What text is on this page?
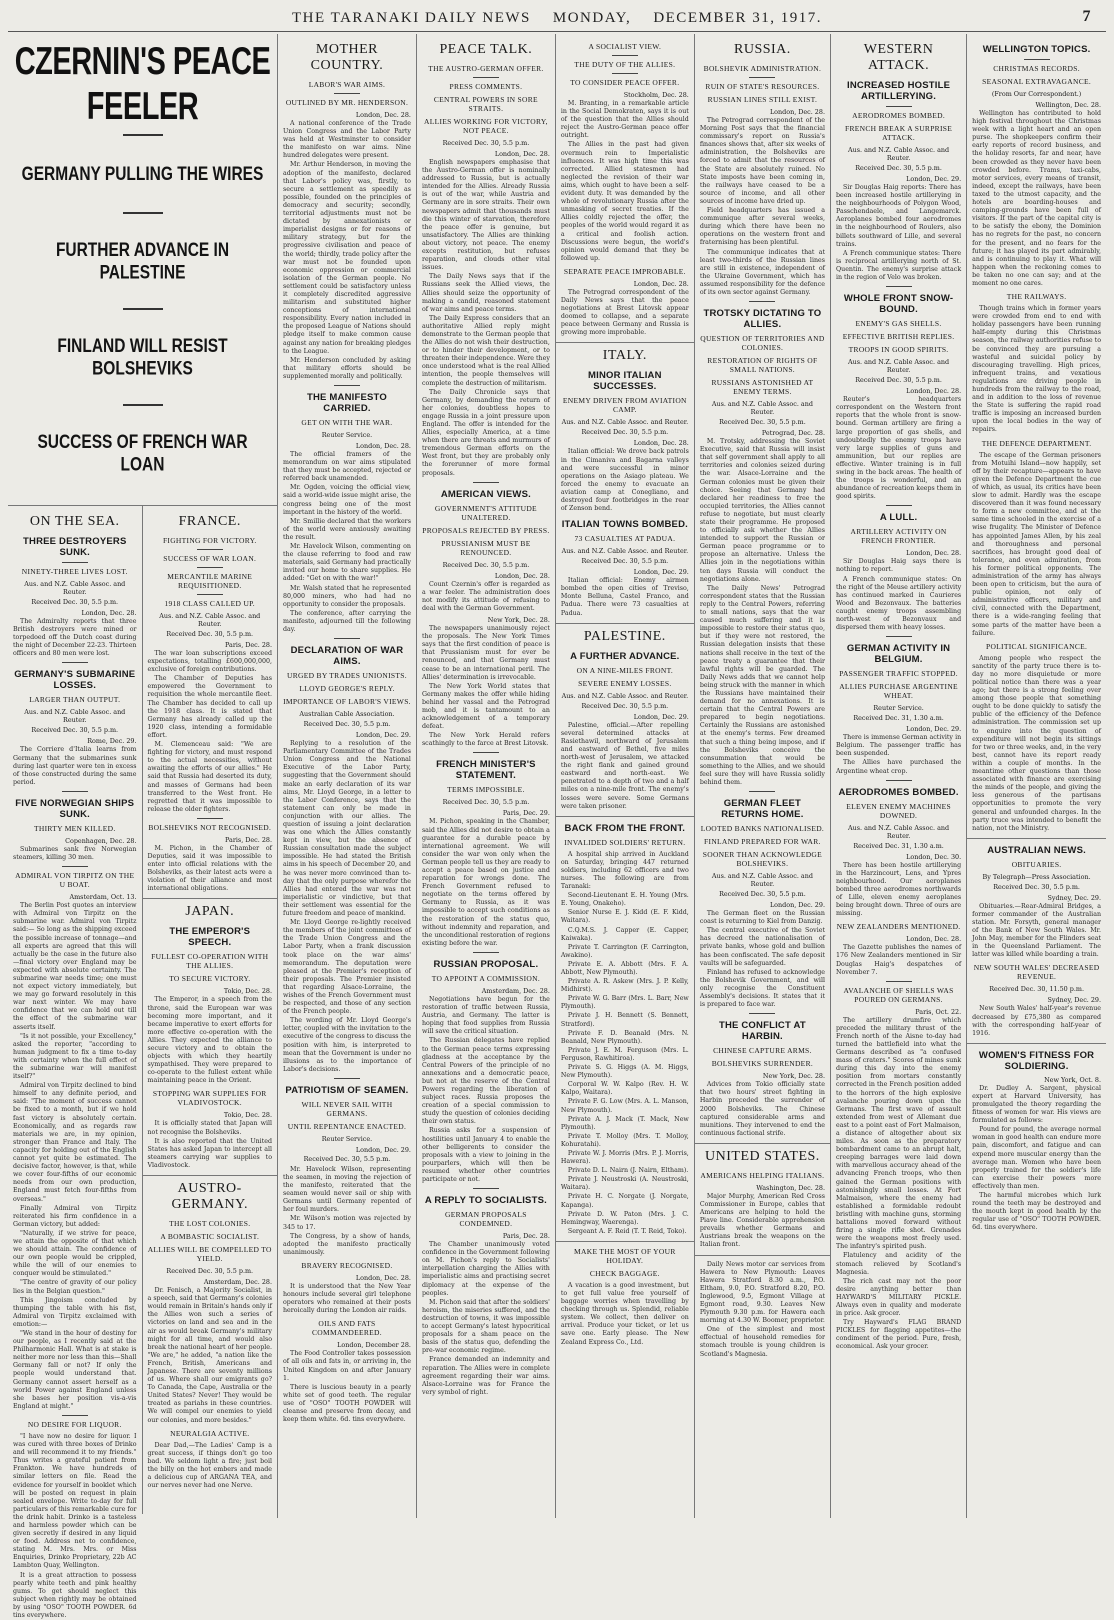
THE TARANAKI DAILY NEWS MONDAY, DECEMBER 31, 1917.	7
CZERNIN'S PEACE FEELER
GERMANY PULLING THE WIRES
FURTHER ADVANCE IN PALESTINE
FINLAND WILL RESIST BOLSHEVIKS
SUCCESS OF FRENCH WAR LOAN
ON THE SEA.
THREE DESTROYERS SUNK.
NINETY-THREE LIVES LOST.
Aus. and N.Z. Cable Assoc. and Reuter.
Received Dec. 30, 5.5 p.m.
London, Dec. 28.

The Admiralty reports that three British destroyers were mined or torpedoed off the Dutch coast during the night of December 22-23. Thirteen officers and 80 men were lost.

GERMANY'S SUBMARINE LOSSES.
LARGER THAN OUTPUT.
Aus. and N.Z. Cable Assoc. and Reuter.
Received Dec. 30, 5.5 p.m.
Rome, Dec. 29.

The Corriere d'Italia learns from Germany that the submarines sunk during last quarter were ten in excess of those constructed during the same period.

FIVE NORWEGIAN SHIPS SUNK.
THIRTY MEN KILLED.
Copenhagen, Dec. 28.

Submarines sank five Norwegian steamers, killing 30 men.

ADMIRAL VON TIRPITZ ON THE U BOAT.
Amsterdam, Oct. 13.

The Berlin Post quotes an interview with Admiral von Tirpitz on the submarine war. Admiral von Tirpitz said:— So long as the shipping exceed the possible increase of tonnage—and all experts are agreed that this will actually be the case in the future also—final victory over England may be expected with absolute certainty. The submarine war needs time; one must not expect victory immediately, but we may go forward resolutely in this war next winter. We may have confidence that we can hold out till the effect of the submarine war asserts itself.

"Is it not possible, your Excellency," asked the reporter, "according to human judgment to fix a time to-day with certainty when the full effect of the submarine war will manifest itself?"

Admiral von Tirpitz declined to bind himself to any definite period, and said: "The moment of success cannot be fixed to a month, but if we hold fast victory is absolutely certain. Economically, and as regards raw materials we are, in my opinion, stronger than France and Italy. The capacity for holding out of the English cannot yet quite be estimated. The decisive factor, however, is that, while we cover four-fifths of our economic needs from our own production, England must fetch four-fifths from overseas."

Finally Admiral von Tirpitz reiterated his firm confidence in a German victory, but added:

"Naturally, if we strive for peace, we attain the opposite of that which we should attain. The confidence of our own people would be crippled, while the will of our enemies to conquer would be stimulated."

"The centre of gravity of our policy lies in the Belgian question."

This Jingoism concluded by thumping the table with his fist, Admiral von Tirpitz exclaimed with emotion:—

"We stand in the hour of destiny for our people, as I recently said at the Philharmonic Hall. What is at stake is neither more nor less than this—Shall Germany fall or not? If only the people would understand that. Germany cannot assert herself as a world Power against England unless she bases her position vis-a-vis England at might."

NO DESIRE FOR LIQUOR.

"I have now no desire for liquor. I was cured with three boxes of Drinko and will recommend it to my friends." Thus writes a grateful patient from Frankton. We have hundreds of similar letters on file. Read the evidence for yourself in booklet which will be posted on request in plain sealed envelope. Write to-day for full particulars of this remarkable cure for the drink habit. Drinko is a tasteless and harmless powder which can be given secretly if desired in any liquid or food. Address net to confidence, stating M. Mrs. Mrs. or Miss Enquiries, Drinko Proprietary, 22b AC Lambton Quay, Wellington.

It is a great attraction to possess pearly white teeth and pink healthy gums. To get should neglect this subject when rightly may be obtained by using "OSO" TOOTH POWDER. 6d tins everywhere.

FRANCE.
FIGHTING FOR VICTORY.
SUCCESS OF WAR LOAN.
MERCANTILE MARINE REQUISITIONED.
1918 CLASS CALLED UP.
Aus. and N.Z. Cable Assoc. and Reuter.
Received Dec. 30, 5.5 p.m.
Paris, Dec. 28.

The war loan subscriptions exceed expectations, totalling £600,000,000, exclusive of foreign contributions.

The Chamber of Deputies has empowered the Government to requisition the whole mercantile fleet. The Chamber has decided to call up the 1918 class. It is stated that Germany has already called up the 1920 class, intending a formidable effort.

M. Clemenceau said: "We are fighting for victory, and must respond to the actual necessities, without awaiting the efforts of our allies." He said that Russia had deserted its duty, and masses of Germans had been transferred to the West front. He regretted that it was impossible to release the older fighters.

BOLSHEVIKS NOT RECOGNISED.
Paris, Dec. 28.

M. Pichon, in the Chamber of Deputies, said it was impossible to enter into official relations with the Bolsheviks, as their latest acts were a violation of their alliance and most international obligations.

JAPAN.
THE EMPEROR'S SPEECH.
FULLEST CO-OPERATION WITH THE ALLIES.
TO SECURE VICTORY.
Tokio, Dec. 28.

The Emperor, in a speech from the throne, said the European war was becoming more important, and it became imperative to exert efforts for more effective co-operation with the Allies. They expected the alliance to secure victory and to obtain the objects with which they heartily sympathised. They were prepared to co-operate to the fullest extent while maintaining peace in the Orient.

STOPPING WAR SUPPLIES FOR VLADIVOSTOCK.
Tokio, Dec. 28.

It is officially stated that Japan will not recognise the Bolsheviks.

It is also reported that the United States has asked Japan to intercept all steamers carrying war supplies to Vladivostock.

AUSTRO-GERMANY.
THE LOST COLONIES.
A BOMBASTIC SOCIALIST.
ALLIES WILL BE COMPELLED TO YIELD.
Received Dec. 30, 5.5 p.m.
Amsterdam, Dec. 28.

Dr. Fenisch, a Majority Socialist, in a speech, said that Germany's colonies would remain in Britain's hands only if the Allies won such a series of victories on land and sea and in the air as would break Germany's military might for all time, and would also break the national heart of her people. "We are," he added, "a nation like the French, British, Americans and Japanese. There are seventy millions of us. Where shall our emigrants go? To Canada, the Cape, Australia or the United States? Never! They would be treated as pariahs in these countries. We will compel our enemies to yield our colonies, and more besides."

NEURALGIA ACTIVE.

Dear Dad,—The Ladies' Camp is a great success, if things don't go too bad. We seldom light a fire; just boil the billy on the hot embers and made a delicious cup of ARGANA TEA, and our nerves never had one Nerve.

MOTHER COUNTRY.
LABOR'S WAR AIMS.
OUTLINED BY MR. HENDERSON.
London, Dec. 28.

A national conference of the Trade Union Congress and the Labor Party was held at Westminster to consider the manifesto on war aims. Nine hundred delegates were present.

Mr. Arthur Henderson, in moving the adoption of the manifesto, declared that Labor's policy was, firstly, to secure a settlement as speedily as possible, founded on the principles of democracy and security; secondly, territorial adjustments must not be dictated by annexationists or imperialist designs or for reasons of military strategy, but for the progressive civilisation and peace of the world; thirdly, trade policy after the war must not be founded upon economic oppression or commercial isolation of the German people. No settlement could be satisfactory unless it completely discredited aggressive militarism and substituted higher conceptions of international responsibility. Every nation included in the proposed League of Nations should pledge itself to make common cause against any nation for breaking pledges to the League.

Mr. Henderson concluded by asking that military efforts should be supplemented morally and politically.

THE MANIFESTO CARRIED.
GET ON WITH THE WAR.
Reuter Service.
London, Dec. 28.

The official framers of the memorandum on war aims stipulated that they must be accepted, rejected or referred back unamended.

Mr. Ogden, voicing the official view, said a world-wide issue might arise, the congress being one of the most important in the history of the world.

Mr. Smillie declared that the workers of the world were anxiously awaiting the result.

Mr. Havelock Wilson, commenting on the clause referring to food and raw materials, said Germany had practically invited our home to share supplies. He added: "Get on with the war!"

Mr. Walsh stated that he represented 80,000 miners, who had had no opportunity to consider the proposals.

The conference, after carrying the manifesto, adjourned till the following day.

DECLARATION OF WAR AIMS.
URGED BY TRADES UNIONISTS.
LLOYD GEORGE'S REPLY.
IMPORTANCE OF LABOR'S VIEWS.
Australian Cable Association.
Received Dec. 30, 5.5 p.m.
London, Dec. 29.

Replying to a resolution of the Parliamentary Committee of the Trades Union Congress and the National Executive of the Labor Party, suggesting that the Government should make an early declaration of its war aims, Mr. Lloyd George, in a letter to the Labor Conference, says that the statement can only be made in conjunction with our allies. The question of issuing a joint declaration was one which the Allies constantly kept in view, but the absence of Russian consultation made the subject impossible. He had stated the British aims in his speech of December 20, and he was never more convinced than to-day that the only purpose wherefor the Allies had entered the war was not imperialistic or vindictive, but that their settlement was essential for the future freedom and peace of mankind.

Mr. Lloyd George re-lightly received the members of the joint committees of the Trade Union Congress and the Labor Party, when a frank discussion took place on the war aims' memorandum. The deputation were pleased at the Premier's reception of their proposals. The Premier insisted that regarding Alsace-Lorraine, the wishes of the French Government must be respected, and those of any section of the French people.

The wording of Mr. Lloyd George's letter, coupled with the invitation to the executive of the congress to discuss the position with him, is interpreted to mean that the Government is under no illusions as to the importance of Labor's decisions.

PATRIOTISM OF SEAMEN.
WILL NEVER SAIL WITH GERMANS.
UNTIL REPENTANCE ENACTED.
Reuter Service.
London, Dec. 29.
Received Dec. 30, 5.5 p.m.

Mr. Havelock Wilson, representing the seamen, in moving the rejection of the manifesto, reiterated that the seamen would never sail or ship with Germans until Germany repented of her foul murders.

Mr. Wilson's motion was rejected by 345 to 17.

The Congress, by a show of hands, adopted the manifesto practically unanimously.

BRAVERY RECOGNISED.
London, Dec. 28.

It is understood that the New Year honours include several girl telephone operators who remained at their posts heroically during the London air raids.

OILS AND FATS COMMANDEERED.
London, December 28.

The Food Controller takes possession of all oils and fats in, or arriving in, the United Kingdom on and after January 1.

There is luscious beauty in a pearly white set of good teeth. The regular use of "OSO" TOOTH POWDER will cleanse and preserve from decay, and keep them white. 6d. tins everywhere.

PEACE TALK.
THE AUSTRO-GERMAN OFFER.
PRESS COMMENTS.
CENTRAL POWERS IN SORE STRAITS.
ALLIES WORKING FOR VICTORY, NOT PEACE.
Received Dec. 30, 5.5 p.m.
London, Dec. 28.

English newspapers emphasise that the Austro-German offer is nominally addressed to Russia, but is actually intended for the Allies. Already Russia is out of the war, while Austria and Germany are in sore straits. Their own newspapers admit that thousands must die this winter of starvation, therefore the peace offer is genuine, but unsatisfactory. The Allies are thinking about victory, not peace. The enemy excepts restitution, but refuses reparation, and clouds other vital issues.

The Daily News says that if the Russians seek the Allied views, the Allies should seize the opportunity of making a candid, reasoned statement of war aims and peace terms.

The Daily Express considers that an authoritative Allied reply might demonstrate to the German people that the Allies do not wish their destruction, or to hinder their development, or to threaten their independence. Were they once understood what is the real Allied intention, the people themselves will complete the destruction of militarism.

The Daily Chronicle says that Germany, by demanding the return of her colonies, doubtless hopes to engage Russia in a joint pressure upon England. The offer is intended for the Allies, especially America, at a time when there are threats and murmurs of tremendous German efforts on the West front, but they are probably only the forerunner of more formal proposals.

AMERICAN VIEWS.
GOVERNMENT'S ATTITUDE UNALTERED.
PROPOSALS REJECTED BY PRESS.
PRUSSIANISM MUST BE RENOUNCED.
Received Dec. 30, 5.5 p.m.
London, Dec. 28.

Count Czernin's offer is regarded as a war feeler. The administration does not modify its attitude of refusing to deal with the German Government.

New York, Dec. 28.

The newspapers unanimously reject the proposals. The New York Times says that the first condition of peace is that Prussianism must for ever be renounced, and that Germany must cease to be an international peril. The Allies' determination is irrevocable.

The New York World states that Germany makes the offer while hiding behind her vassal and the Petrograd mob, and it is tantamount to an acknowledgement of a temporary defeat.

The New York Herald refers scathingly to the farce at Brest Litovsk.

FRENCH MINISTER'S STATEMENT.
TERMS IMPOSSIBLE.
Received Dec. 30, 5.5 p.m.
Paris, Dec. 29.

M. Pichon, speaking in the Chamber, said the Allies did not desire to obtain a guarantee for a durable peace by international agreement. We will consider the war won only when the German people tell us they are ready to accept a peace based on justice and reparation for wrongs done. The French Government refused to negotiate on the terms offered by Germany to Russia, as it was impossible to accept such conditions as the restoration of the status quo, without indemnity and reparation, and the unconditional restoration of regions existing before the war.

RUSSIAN PROPOSAL.
TO APPOINT A COMMISSION.
Amsterdam, Dec. 28.

Negotiations have begun for the restoration of traffic between Russia, Austria, and Germany. The latter is hoping that food supplies from Russia will save the critical situation.

The Russian delegates have replied to the German peace terms expressing gladness at the acceptance by the Central Powers of the principle of no annexations and a democratic peace, but not at the reserve of the Central Powers regarding the liberation of subject races. Russia proposes the creation of a special commission to study the question of colonies deciding their own status.

Russia asks for a suspension of hostilities until January 4 to enable the other belligerents to consider the proposals with a view to joining in the pourparlers, which will then be resumed whether other countries participate or not.

A REPLY TO SOCIALISTS.
GERMAN PROPOSALS CONDEMNED.
Paris, Dec. 28.

The Chamber unanimously voted confidence in the Government following on M. Pichon's reply to Socialists' interpellation charging the Allies with imperialistic aims and practising secret diplomacy at the expense of the peoples.

M. Pichon said that after the soldiers' heroism, the miseries suffered, and the destruction of towns, it was impossible to accept Germany's latest hypocritical proposals for a sham peace on the basis of the status quo, defending the pre-war economic regime.

France demanded an indemnity and reparation. The Allies were in complete agreement regarding their war aims. Alsace-Lorraine was for France the very symbol of right.

A SOCIALIST VIEW.
THE DUTY OF THE ALLIES.
TO CONSIDER PEACE OFFER.
Stockholm, Dec. 28.

M. Branting, in a remarkable article in the Social Demokraten, says it is out of the question that the Allies should reject the Austro-German peace offer outright.

The Allies in the past had given overmuch rein to Imperialistic influences. It was high time this was corrected. Allied statesmen had neglected the revision of their war aims, which ought to have been a self-evident duty. It was demanded by the whole of revolutionary Russia after the unmasking of secret treaties. If the Allies coldly rejected the offer, the peoples of the world would regard it as a critical and foolish action. Discussions were begun, the world's opinion would demand that they be followed up.

SEPARATE PEACE IMPROBABLE.
London, Dec. 28.

The Petrograd correspondent of the Daily News says that the peace negotiations at Brest Litovsk appear doomed to collapse, and a separate peace between Germany and Russia is growing more improbable.

ITALY.
MINOR ITALIAN SUCCESSES.
ENEMY DRIVEN FROM AVIATION CAMP.
Aus. and N.Z. Cable Assoc. and Reuter.
Received Dec. 30, 5.5 p.m.
London, Dec. 28.

Italian official: We drove back patrols in the Cimaniva and Bagarna valleys and were successful in minor operations on the Asiago plateau. We forced the enemy to evacuate an aviation camp at Conegliano, and destroyed four footbridges in the rear of Zenson bend.

ITALIAN TOWNS BOMBED.
73 CASUALTIES AT PADUA.
Aus. and N.Z. Cable Assoc. and Reuter.
Received Dec. 30, 5.5 p.m.
London, Dec. 29.

Italian official: Enemy airmen bombed the open cities of Treviso, Monte Belluna, Castel Franco, and Padua. There were 73 casualties at Padua.

PALESTINE.
A FURTHER ADVANCE.
ON A NINE-MILES FRONT.
SEVERE ENEMY LOSSES.
Aus. and N.Z. Cable Assoc. and Reuter.
Received Dec. 30, 5.5 p.m.
London, Dec. 29.

Palestine, official.—After repelling several determined attacks at Rasiethawil, northward of Jerusalem and eastward of Bethel, five miles north-west of Jerusalem, we attacked the right flank and gained ground eastward and north-east. We penetrated to a depth of two and a half miles on a nine-mile front. The enemy's losses were severe. Some Germans were taken prisoner.

BACK FROM THE FRONT.
INVALIDED SOLDIERS' RETURN.

A hospital ship arrived in Auckland on Saturday, bringing 447 returned soldiers, including 62 officers and two nurses. The following are from Taranaki:

Second-Lieutenant E. H. Young (Mrs. E. Young, Onakeho).

Senior Nurse E. J. Kidd (E. F. Kidd, Waitara).

C.Q.M.S. J. Capper (E. Capper, Kaiwaka).

Private T. Carrington (F. Carrington, Awakino).

Private E. A. Abbott (Mrs. F. A. Abbott, New Plymouth).

Private A. R. Askew (Mrs. J. P. Kelly, Midhirst).

Private W. G. Barr (Mrs. L. Barr, New Plymouth).

Private J. H. Bennett (S. Bennett, Stratford).

Private F. D. Beanald (Mrs. N. Beanald, New Plymouth).

Private J. E. M. Ferguson (Mrs. L. Ferguson, Rawhitiroa).

Private S. G. Higgs (A. M. Higgs, New Plymouth).

Corporal W. W. Kalpo (Rev. H. W. Kalpo, Waitara).

Private F. G. Low (Mrs. A. L. Manson, New Plymouth).

Private A. J. Mack (T. Mack, New Plymouth).

Private T. Molloy (Mrs. T. Molloy, Kohuratahi).

Private W. J. Morris (Mrs. P. J. Morris, Hawera).

Private D. L. Nairn (J. Nairn, Eltham).

Private J. Neustroski (A. Neustroski, Waitara).

Private H. C. Norgate (J. Norgate, Kapanga).

Private D. W. Paton (Mrs. J. C. Hemingway, Waerenga).

Sergeant A. F. Reid (T. T. Reid, Toko).

MAKE THE MOST OF YOUR HOLIDAY.
CHECK BAGGAGE.

A vacation is a good investment, but to get full value free yourself of baggage worries when travelling by checking through us. Splendid, reliable system. We collect, then deliver on arrival. Produce your ticket, or let us save one. Early please. The New Zealand Express Co., Ltd.

RUSSIA.
BOLSHEVIK ADMINISTRATION.
RUIN OF STATE'S RESOURCES.
RUSSIAN LINES STILL EXIST.
London, Dec. 28.

The Petrograd correspondent of the Morning Post says that the financial commissary's report on Russia's finances shows that, after six weeks of administration, the Bolsheviks are forced to admit that the resources of the State are absolutely ruined. No State imposts have been coming in, the railways have ceased to be a source of income, and all other sources of income have dried up.

Field headquarters has issued a communique after several weeks, during which there have been no operations on the western front and fraternising has been plentiful.

The communique indicates that at least two-thirds of the Russian lines are still in existence, independent of the Ukraine Government, which has assumed responsibility for the defence of its own sector against Germany.

TROTSKY DICTATING TO ALLIES.
QUESTION OF TERRITORIES AND COLONIES.
RESTORATION OF RIGHTS OF SMALL NATIONS.
RUSSIANS ASTONISHED AT ENEMY TERMS.
Aus. and N.Z. Cable Assoc. and Reuter.
Received Dec. 30, 5.5 p.m.
Petrograd, Dec. 28.

M. Trotsky, addressing the Soviet Executive, said that Russia will insist that self government shall apply to all territories and colonies seized during the war. Alsace-Lorraine and the German colonies must be given their choice. Seeing that Germany had declared her readiness to free the occupied territories, the Allies cannot refuse to negotiate, but must clearly state their programme. He proposed to officially ask whether the Allies intended to support the Russian or German peace programme or to propose an alternative. Unless the Allies join in the negotiations within ten days Russia will conduct the negotiations alone.

The Daily News' Petrograd correspondent states that the Russian reply to the Central Powers, referring to small nations, says that the war caused much suffering and it is impossible to restore their status quo, but if they were not restored, the Russian delegation insists that these nations shall receive in the text of the peace treaty a guarantee that their lawful rights will be guarded. The Daily News adds that we cannot help being struck with the manner in which the Russians have maintained their demand for no annexations. It is certain that the Central Powers are prepared to begin negotiations. Certainly the Russians are astonished at the enemy's terms. Few dreamed that such a thing being impose, and if the Bolsheviks conceive the consummation that would be something to the Allies, and we should feel sure they will have Russia solidly behind them.

GERMAN FLEET RETURNS HOME.
LOOTED BANKS NATIONALISED.
FINLAND PREPARED FOR WAR.
SOONER THAN ACKNOWLEDGE BOLSHEVIKS.
Aus. and N.Z. Cable Assoc. and Reuter.
Received Dec. 30, 5.5 p.m.
London, Dec. 29.

The German fleet on the Russian coast is returning to Kiel from Danzig.

The central executive of the Soviet has decreed the nationalisation of private banks, whose gold and bullion has been confiscated. The safe deposit vaults will be safeguarded.

Finland has refused to acknowledge the Bolshevik Government, and will only recognise the Constituent Assembly's decisions. It states that it is prepared to face war.

THE CONFLICT AT HARBIN.
CHINESE CAPTURE ARMS.
BOLSHEVIKS SURRENDER.
New York, Dec. 28.

Advices from Tokio officially state that two hours' street fighting in Harbin preceded the surrender of 2000 Bolsheviks. The Chinese captured considerable arms and munitions. They intervened to end the continuous factional strife.

UNITED STATES.
AMERICANS HELPING ITALIANS.
Washington, Dec. 28.

Major Murphy, American Red Cross Commissioner in Europe, cables that Americans are helping to hold the Piave line. Considerable apprehension prevails whether Germans and Austrians break the weapons on the Italian front.

Daily News motor car services from Hawera to New Plymouth: Leaves Hawera Stratford 8.30 a.m., P.O. Eltham, 9.0, P.O. Stratford 8.20, P.O. Inglewood, 9.5, Egmont Village at Egmont road, 9.30. Leaves New Plymouth 9.30 p.m. for Hawera each morning at 4.30 W. Boomer, proprietor.

One of the simplest and most effectual of household remedies for stomach trouble is young children is Scotland's Magnesia.

WESTERN ATTACK.
INCREASED HOSTILE ARTILLERYING.
AERODROMES BOMBED.
FRENCH BREAK A SURPRISE ATTACK.
Aus. and N.Z. Cable Assoc. and Reuter.
Received Dec. 30, 5.5 p.m.
London, Dec. 29.

Sir Douglas Haig reports: There has been increased hostile artillerying in the neighbourhoods of Polygon Wood, Passchendaele, and Langemarck. Aeroplanes bombed four aerodromes in the neighbourhood of Roulers, also billets southward of Lille, and several trains.

A French communique states: There is reciprocal artillerying north of St. Quentin. The enemy's surprise attack in the region of Velo was broken.

WHOLE FRONT SNOW-BOUND.
ENEMY'S GAS SHELLS.
EFFECTIVE BRITISH REPLIES.
TROOPS IN GOOD SPIRITS.
Aus. and N.Z. Cable Assoc. and Reuter.
Received Dec. 30, 5.5 p.m.
London, Dec. 28.

Reuter's headquarters correspondent on the Western front reports that the whole front is snow-bound. German artillery are firing a large proportion of gas shells, and undoubtedly the enemy troops have very large supplies of guns and ammunition, but our replies are effective. Winter training is in full swing in the back areas. The health of the troops is wonderful, and an abundance of recreation keeps them in good spirits.

A LULL.
ARTILLERY ACTIVITY ON FRENCH FRONTIER.
London, Dec. 28.

Sir Douglas Haig says there is nothing to report.

A French communique states: On the right of the Meuse artillery activity has continued marked in Caurieres Wood and Bezonvaux. The batteries caught enemy troops assembling north-west of Bezonvaux and dispersed them with heavy losses.

GERMAN ACTIVITY IN BELGIUM.
PASSENGER TRAFFIC STOPPED.
ALLIES PURCHASE ARGENTINE WHEAT.
Reuter Service.
Received Dec. 31, 1.30 a.m.
London, Dec. 29.

There is immense German activity in Belgium. The passenger traffic has been suspended.

The Allies have purchased the Argentine wheat crop.

AERODROMES BOMBED.
ELEVEN ENEMY MACHINES DOWNED.
Aus. and N.Z. Cable Assoc. and Reuter.
Received Dec. 31, 1.30 a.m.
London, Dec. 30.

There has been hostile artillerying in the Harzincourt, Lens, and Ypres neighbourhood. Our aeroplanes bombed three aerodromes northwards of Lille, eleven enemy aeroplanes being brought down. Three of ours are missing.

NEW ZEALANDERS MENTIONED.
London, Dec. 28.

The Gazette publishes the names of 176 New Zealanders mentioned in Sir Douglas Haig's despatches of November 7.

AVALANCHE OF SHELLS WAS POURED ON GERMANS.
Paris, Oct. 22.

The artillery drumfire which preceded the military thrust of the French north of the Aisne to-day had turned the battlefield into what the Germans described as "a confused mass of craters." Scores of mines sunk during this day into the enemy position from mortars constantly corrected in the French position added to the horrors of the high explosive avalanche pouring down upon the Germans. The first wave of assault extended from west of Allemant due east to a point east of Fort Malmaison, a distance of altogether about six miles. As soon as the preparatory bombardment came to an abrupt halt, creeping barrages were laid down with marvellous accuracy ahead of the advancing French troops, who then gained the German positions with astonishingly small losses. At Fort Malmaison, where the enemy had established a formidable redoubt bristling with machine guns, storming battalions moved forward without firing a single rifle shot. Grenades were the weapons most freely used. The infantry's spirited push.

Flatulency and acidity of the stomach relieved by Scotland's Magnesia.

The rich cast may not the poor desire anything better than HAYWARD'S MILITARY PICKLE. Always even in quality and moderate in price. Ask grocer.

Try Hayward's FLAG BRAND PICKLES for flagging appetites—the condiment of the period. Pure, fresh, economical. Ask your grocer.

WELLINGTON TOPICS.
CHRISTMAS RECORDS.
SEASONAL EXTRAVAGANCE.
(From Our Correspondent.)
Wellington, Dec. 28.

Wellington has contributed to hold high festival throughout the Christmas week with a light heart and an open purse. The shopkeepers confirm their early reports of record business, and the holiday resorts, far and near, have been crowded as they never have been crowded before. Trams, taxi-cabs, motor services, every means of transit, indeed, except the railways, have been taxed to the utmost capacity, and the hotels are boarding-houses and camping-grounds have been full of visitors. If the part of the capital city is to be satisfy the ebony, the Dominion has no regrets for the past, no concern for the present, and no fears for the future; it has played its part admirably, and is continuing to play it. What will happen when the reckoning comes to be taken no one can say; and at the moment no one cares.

THE RAILWAYS.

Though trains which in former years were crowded from end to end with holiday passengers have been running half-empty during this Christmas season, the railway authorities refuse to be convinced they are pursuing a wasteful and suicidal policy by discouraging travelling. High prices, infrequent trains, and vexatious regulations are driving people in hundreds from the railway to the road, and in addition to the loss of revenue the State is suffering the rapid road traffic is imposing an increased burden upon the local bodies in the way of repairs.

THE DEFENCE DEPARTMENT.

The escape of the German prisoners from Motuihi Island—now happily, set off by their recapture—appears to have given the Defence Department the cue of which, as usual, its critics have been slow to admit. Hardly was the escape discovered than it was found necessary to form a new committee, and at the same time schooled in the exercise of a wise frugality. The Minister of Defence has appointed James Allen, by his zeal and thoroughness and personal sacrifices, has brought good deal of tolerance, and even admiration, from his former political opponents. The administration of the army has always been open to criticism, but the aura of public opinion, not only of administrative officers, military and civil, connected with the Department, there is a wide-ranging feeling that some parts of the matter have been a failure.

POLITICAL SIGNIFICANCE.

Among people who respect the sanctity of the party truce there is to-day no more disquietude or more political notice than there was a year ago; but there is a strong feeling over among those people that something ought to be done quickly to satisfy the public of the efficiency of the Defence administration. The commission set up to enquire into the question of expenditure will not begin its sittings for two or three weeks, and, in the very best, cannot have its report ready within a couple of months. In the meantime other questions than those associated with finance are exercising the minds of the people, and giving the less generous of the partisans opportunities to promote the very general and unfounded charges. In the party truce was intended to benefit the nation, not the Ministry.

AUSTRALIAN NEWS.
OBITUARIES.
By Telegraph—Press Association.
Received Dec. 30, 5.5 p.m.
Sydney, Dec. 29.

Obituaries.—Rear-Admiral Bridges, a former commander of the Australian station. Mr. Forsyth, general manager of the Bank of New South Wales. Mr. John May, member for the Flinders seat in the Queensland Parliament. The latter was killed while boarding a train.

NEW SOUTH WALES' DECREASED REVENUE.
Received Dec. 30, 11.50 p.m.
Sydney, Dec. 29.

New South Wales' half-year's revenue decreased by £75,380 as compared with the corresponding half-year of 1916.

WOMEN'S FITNESS FOR SOLDIERING.
New York, Oct. 8.

Dr. Dudley A. Sargent, physical expert at Harvard University, has promulgated the theory regarding the fitness of women for war. His views are formulated as follows:

Pound for pound, the average normal woman in good health can endure more pain, discomfort, and fatigue and can expend more muscular energy than the average man. Women who have been properly trained for the soldier's life can exercise their powers more effectively than men.

The harmful microbes which lurk round the teeth may be destroyed and the mouth kept in good health by the regular use of "OSO" TOOTH POWDER. 6d. tins everywhere.
